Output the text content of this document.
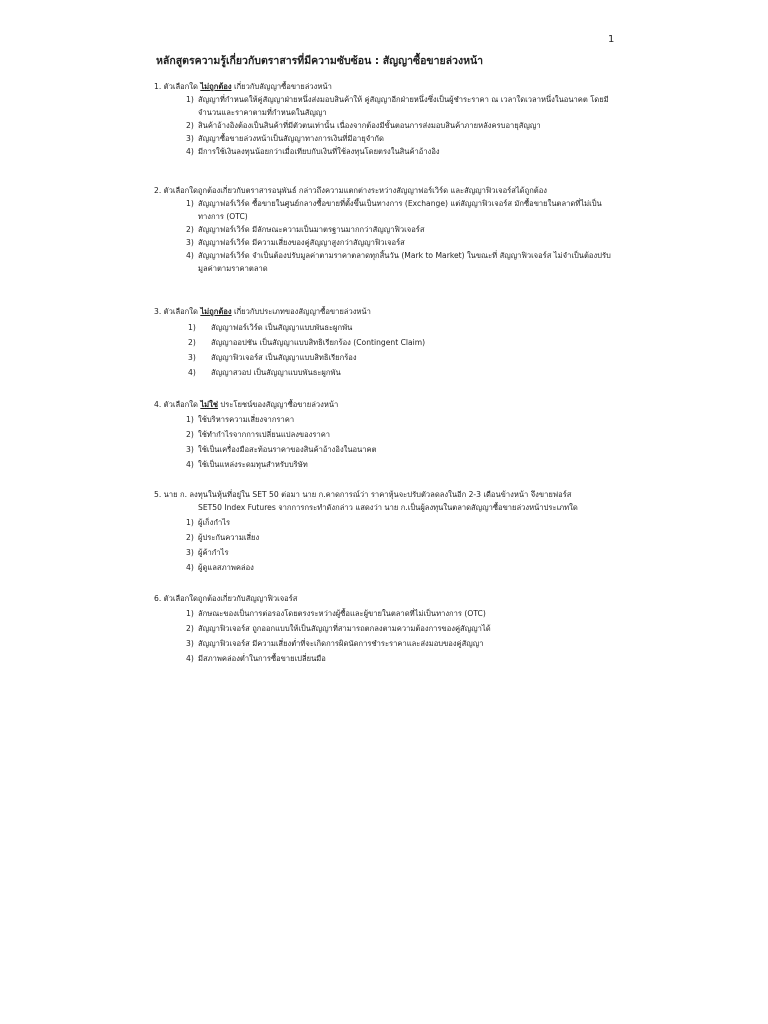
1
หลักสูตรความรู้เกี่ยวกับตราสารที่มีความซับซ้อน : สัญญาซื้อขายล่วงหน้า
1. ตัวเลือกใด ไม่ถูกต้อง เกี่ยวกับสัญญาซื้อขายล่วงหน้า
1) สัญญาที่กำหนดให้คู่สัญญาฝ่ายหนึ่งส่งมอบสินค้าให้ คู่สัญญาอีกฝ่ายหนึ่งซึ่งเป็นผู้ชำระราคา ณ เวลาใดเวลาหนึ่งในอนาคต โดยมีจำนวนและราคาตามที่กำหนดในสัญญา
2) สินค้าอ้างอิงต้องเป็นสินค้าที่มีตัวตนเท่านั้น เนื่องจากต้องมีขั้นตอนการส่งมอบสินค้าภายหลังครบอายุสัญญา
3) สัญญาซื้อขายล่วงหน้าเป็นสัญญาทางการเงินที่มีอายุจำกัด
4) มีการใช้เงินลงทุนน้อยกว่าเมื่อเทียบกับเงินที่ใช้ลงทุนโดยตรงในสินค้าอ้างอิง
2. ตัวเลือกใดถูกต้องเกี่ยวกับตราสารอนุพันธ์ กล่าวถึงความแตกต่างระหว่างสัญญาฟอร์เวิร์ด และสัญญาฟิวเจอร์สได้ถูกต้อง
1) สัญญาฟอร์เวิร์ด ซื้อขายในศูนย์กลางซื้อขายที่ตั้งขึ้นเป็นทางการ (Exchange) แต่สัญญาฟิวเจอร์ส มักซื้อขายในตลาดที่ไม่เป็นทางการ (OTC)
2) สัญญาฟอร์เวิร์ด มีลักษณะความเป็นมาตรฐานมากกว่าสัญญาฟิวเจอร์ส
3) สัญญาฟอร์เวิร์ด มีความเสี่ยงของคู่สัญญาสูงกว่าสัญญาฟิวเจอร์ส
4) สัญญาฟอร์เวิร์ด จำเป็นต้องปรับมูลค่าตามราคาตลาดทุกสิ้นวัน (Mark to Market) ในขณะที่ สัญญาฟิวเจอร์ส ไม่จำเป็นต้องปรับมูลค่าตามราคาตลาด
3. ตัวเลือกใด ไม่ถูกต้อง เกี่ยวกับประเภทของสัญญาซื้อขายล่วงหน้า
1) สัญญาฟอร์เวิร์ด เป็นสัญญาแบบพันธะผูกพัน
2) สัญญาออปชัน เป็นสัญญาแบบสิทธิเรียกร้อง (Contingent Claim)
3) สัญญาฟิวเจอร์ส เป็นสัญญาแบบสิทธิเรียกร้อง
4) สัญญาสวอป เป็นสัญญาแบบพันธะผูกพัน
4. ตัวเลือกใด ไม่ใช่ ประโยชน์ของสัญญาซื้อขายล่วงหน้า
1) ใช้บริหารความเสี่ยงจากราคา
2) ใช้ทำกำไรจากการเปลี่ยนแปลงของราคา
3) ใช้เป็นเครื่องมือสะท้อนราคาของสินค้าอ้างอิงในอนาคต
4) ใช้เป็นแหล่งระดมทุนสำหรับบริษัท
5. นาย ก. ลงทุนในหุ้นที่อยู่ใน SET 50 ต่อมา นาย ก.คาดการณ์ว่า ราคาหุ้นจะปรับตัวลดลงในอีก 2-3 เดือนข้างหน้า จึงขายฟอร์ส
SET50 Index Futures จากการกระทำดังกล่าว แสดงว่า นาย ก.เป็นผู้ลงทุนในตลาดสัญญาซื้อขายล่วงหน้าประเภทใด
1) ผู้เก็งกำไร
2) ผู้ประกันความเสี่ยง
3) ผู้ค้ากำไร
4) ผู้ดูแลสภาพคล่อง
6. ตัวเลือกใดถูกต้องเกี่ยวกับสัญญาฟิวเจอร์ส
1) ลักษณะของเป็นการต่อรองโดยตรงระหว่างผู้ซื้อและผู้ขายในตลาดที่ไม่เป็นทางการ (OTC)
2) สัญญาฟิวเจอร์ส ถูกออกแบบให้เป็นสัญญาที่สามารถตกลงตามความต้องการของคู่สัญญาได้
3) สัญญาฟิวเจอร์ส มีความเสี่ยงต่ำที่จะเกิดการผิดนัดการชำระราคาและส่งมอบของคู่สัญญา
4) มีสภาพคล่องต่ำในการซื้อขายเปลี่ยนมือ
